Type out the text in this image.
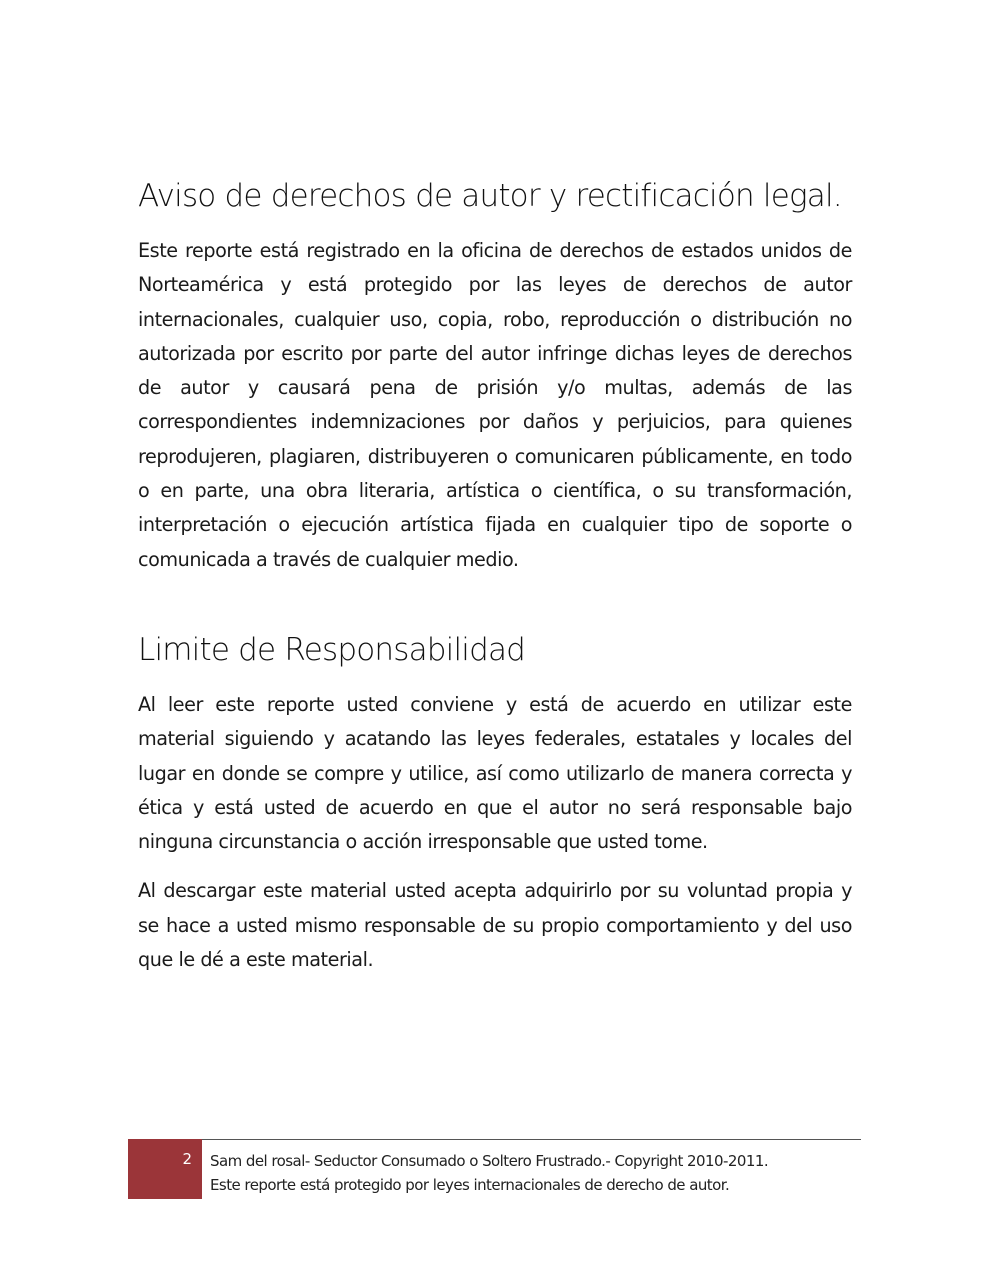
Aviso de derechos de autor y rectificación legal.

Este reporte está registrado en la oficina de derechos de estados unidos de Norteamérica y está protegido por las leyes de derechos de autor internacionales, cualquier uso, copia, robo, reproducción o distribución no autorizada por escrito por parte del autor infringe dichas leyes de derechos de autor y causará pena de prisión y/o multas, además de las correspondientes indemnizaciones por daños y perjuicios, para quienes reprodujeren, plagiaren, distribuyeren o comunicaren públicamente, en todo o en parte, una obra literaria, artística o científica, o su transformación, interpretación o ejecución artística fijada en cualquier tipo de soporte o comunicada a través de cualquier medio.

Limite de Responsabilidad

Al leer este reporte usted conviene y está de acuerdo en utilizar este material siguiendo y acatando las leyes federales, estatales y locales del lugar en donde se compre y utilice, así como utilizarlo de manera correcta y ética y está usted de acuerdo en que el autor no será responsable bajo ninguna circunstancia o acción irresponsable que usted tome.

Al descargar este material usted acepta adquirirlo por su voluntad propia y se hace a usted mismo responsable de su propio comportamiento y del uso que le dé a este material.

2 Sam del rosal- Seductor Consumado o Soltero Frustrado.- Copyright 2010-2011.
Este reporte está protegido por leyes internacionales de derecho de autor.
